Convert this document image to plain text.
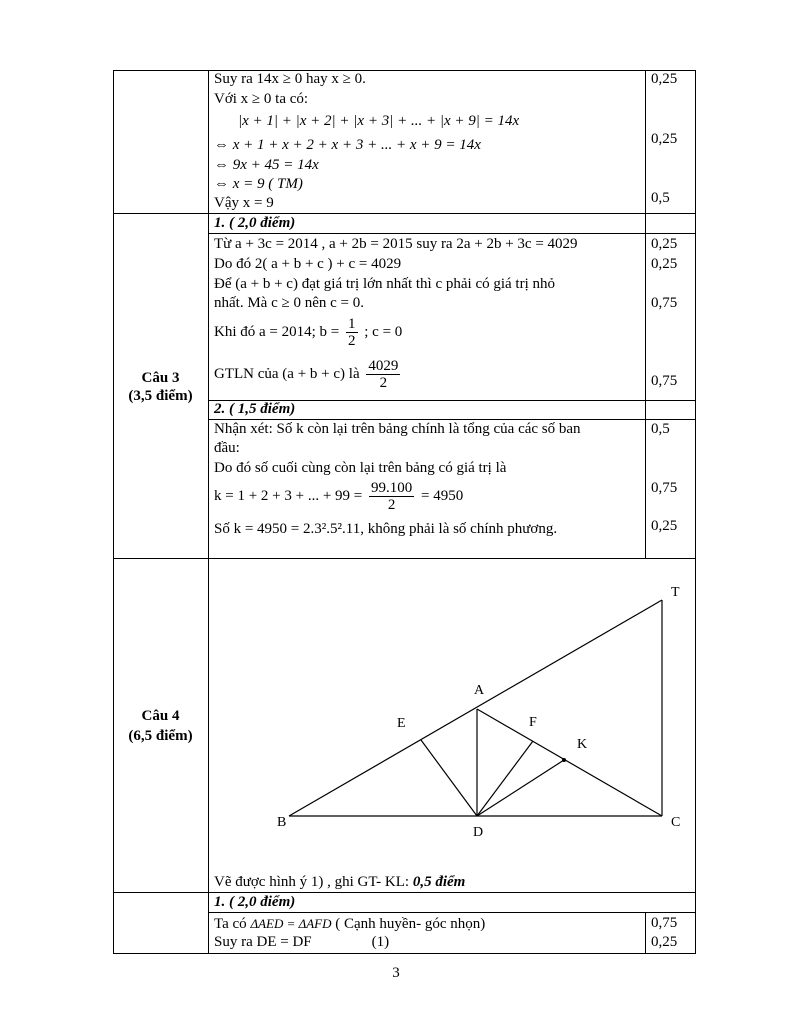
Suy ra 14x ≥ 0 hay x ≥ 0.
Với x ≥ 0 ta có:
|x + 1| + |x + 2| + |x + 3| + ... + |x + 9| = 14x
⇔ x + 1 + x + 2 + x + 3 + ... + x + 9 = 14x
⇔ 9x + 45 = 14x
⇔ x = 9 ( TM)
Vậy x = 9
0,25
0,25
0,5
Câu 3
(3,5 điểm)
1. ( 2,0 điểm)
Từ a + 3c = 2014 , a + 2b = 2015 suy ra 2a + 2b + 3c = 4029
Do đó 2( a + b + c ) + c = 4029
Để (a + b + c) đạt giá trị lớn nhất thì c phải có giá trị nhỏ
nhất. Mà c ≥ 0 nên c = 0.
Khi đó a = 2014; $b = \frac{1}{2}$ ; c = 0
GTLN của (a + b + c) là $\frac{4029}{2}$
0,25
0,25
0,75
0,75
2. ( 1,5 điểm)
Nhận xét: Số k còn lại trên bảng chính là tổng của các số ban
đầu:
Do đó số cuối cùng còn lại trên bảng có giá trị là
k = 1 + 2 + 3 + ... + $99 = \frac{99.100}{2} = 4950$
Số k = 4950 = 2.3².5².11, không phải là số chính phương.
0,5
0,75
0,25
Câu 4
(6,5 điểm)
T
A
E	F
K
B
D
C
Vẽ được hình ý 1) , ghi GT- KL: 0,5 điểm
1. ( 2,0 điểm)
Ta có ΔAED = ΔAFD ( Cạnh huyền- góc nhọn)
Suy ra DE = DF                (1)
0,75
0,25
3
